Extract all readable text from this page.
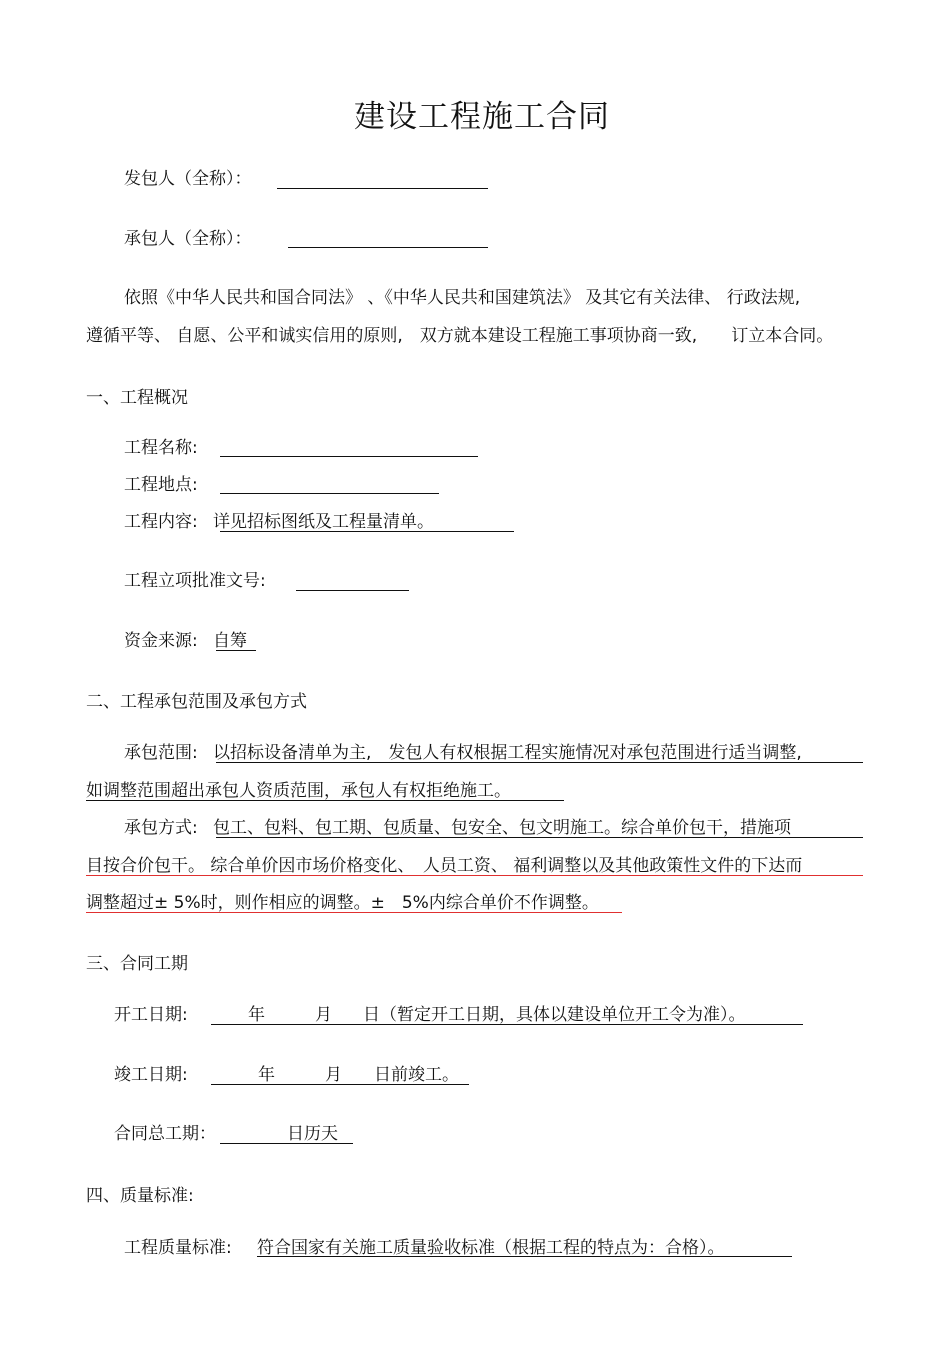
建设工程施工合同
发包人（全称）：
承包人（全称）：
依照《中华人民共和国合同法》 、《中华人民共和国建筑法》 及其它有关法律、 行政法规,
遵循平等、 自愿、公平和诚实信用的原则,　双方就本建设工程施工事项协商一致,　　订立本合同。
一、工程概况
工程名称:
工程地点:
工程内容: 详见招标图纸及工程量清单。
工程立项批准文号:
资金来源: 自筹
二、工程承包范围及承包方式
承包范围: 以招标设备清单为主,　发包人有权根据工程实施情况对承包范围进行适当调整,
如调整范围超出承包人资质范围，承包人有权拒绝施工。
承包方式: 包工、包料、包工期、包质量、包安全、包文明施工。综合单价包干，措施项
目按合价包干。 综合单价因市场价格变化、　人员工资、 福利调整以及其他政策性文件的下达而
调整超过± 5%时，则作相应的调整。±　5%内综合单价不作调整。
三、合同工期
开工日期:	年	月 日（暂定开工日期，具体以建设单位开工令为准）。
竣工日期:	年	月 日前竣工。
合同总工期：	日历天
四、质量标准:
工程质量标准: 符合国家有关施工质量验收标准（根据工程的特点为：合格）。
